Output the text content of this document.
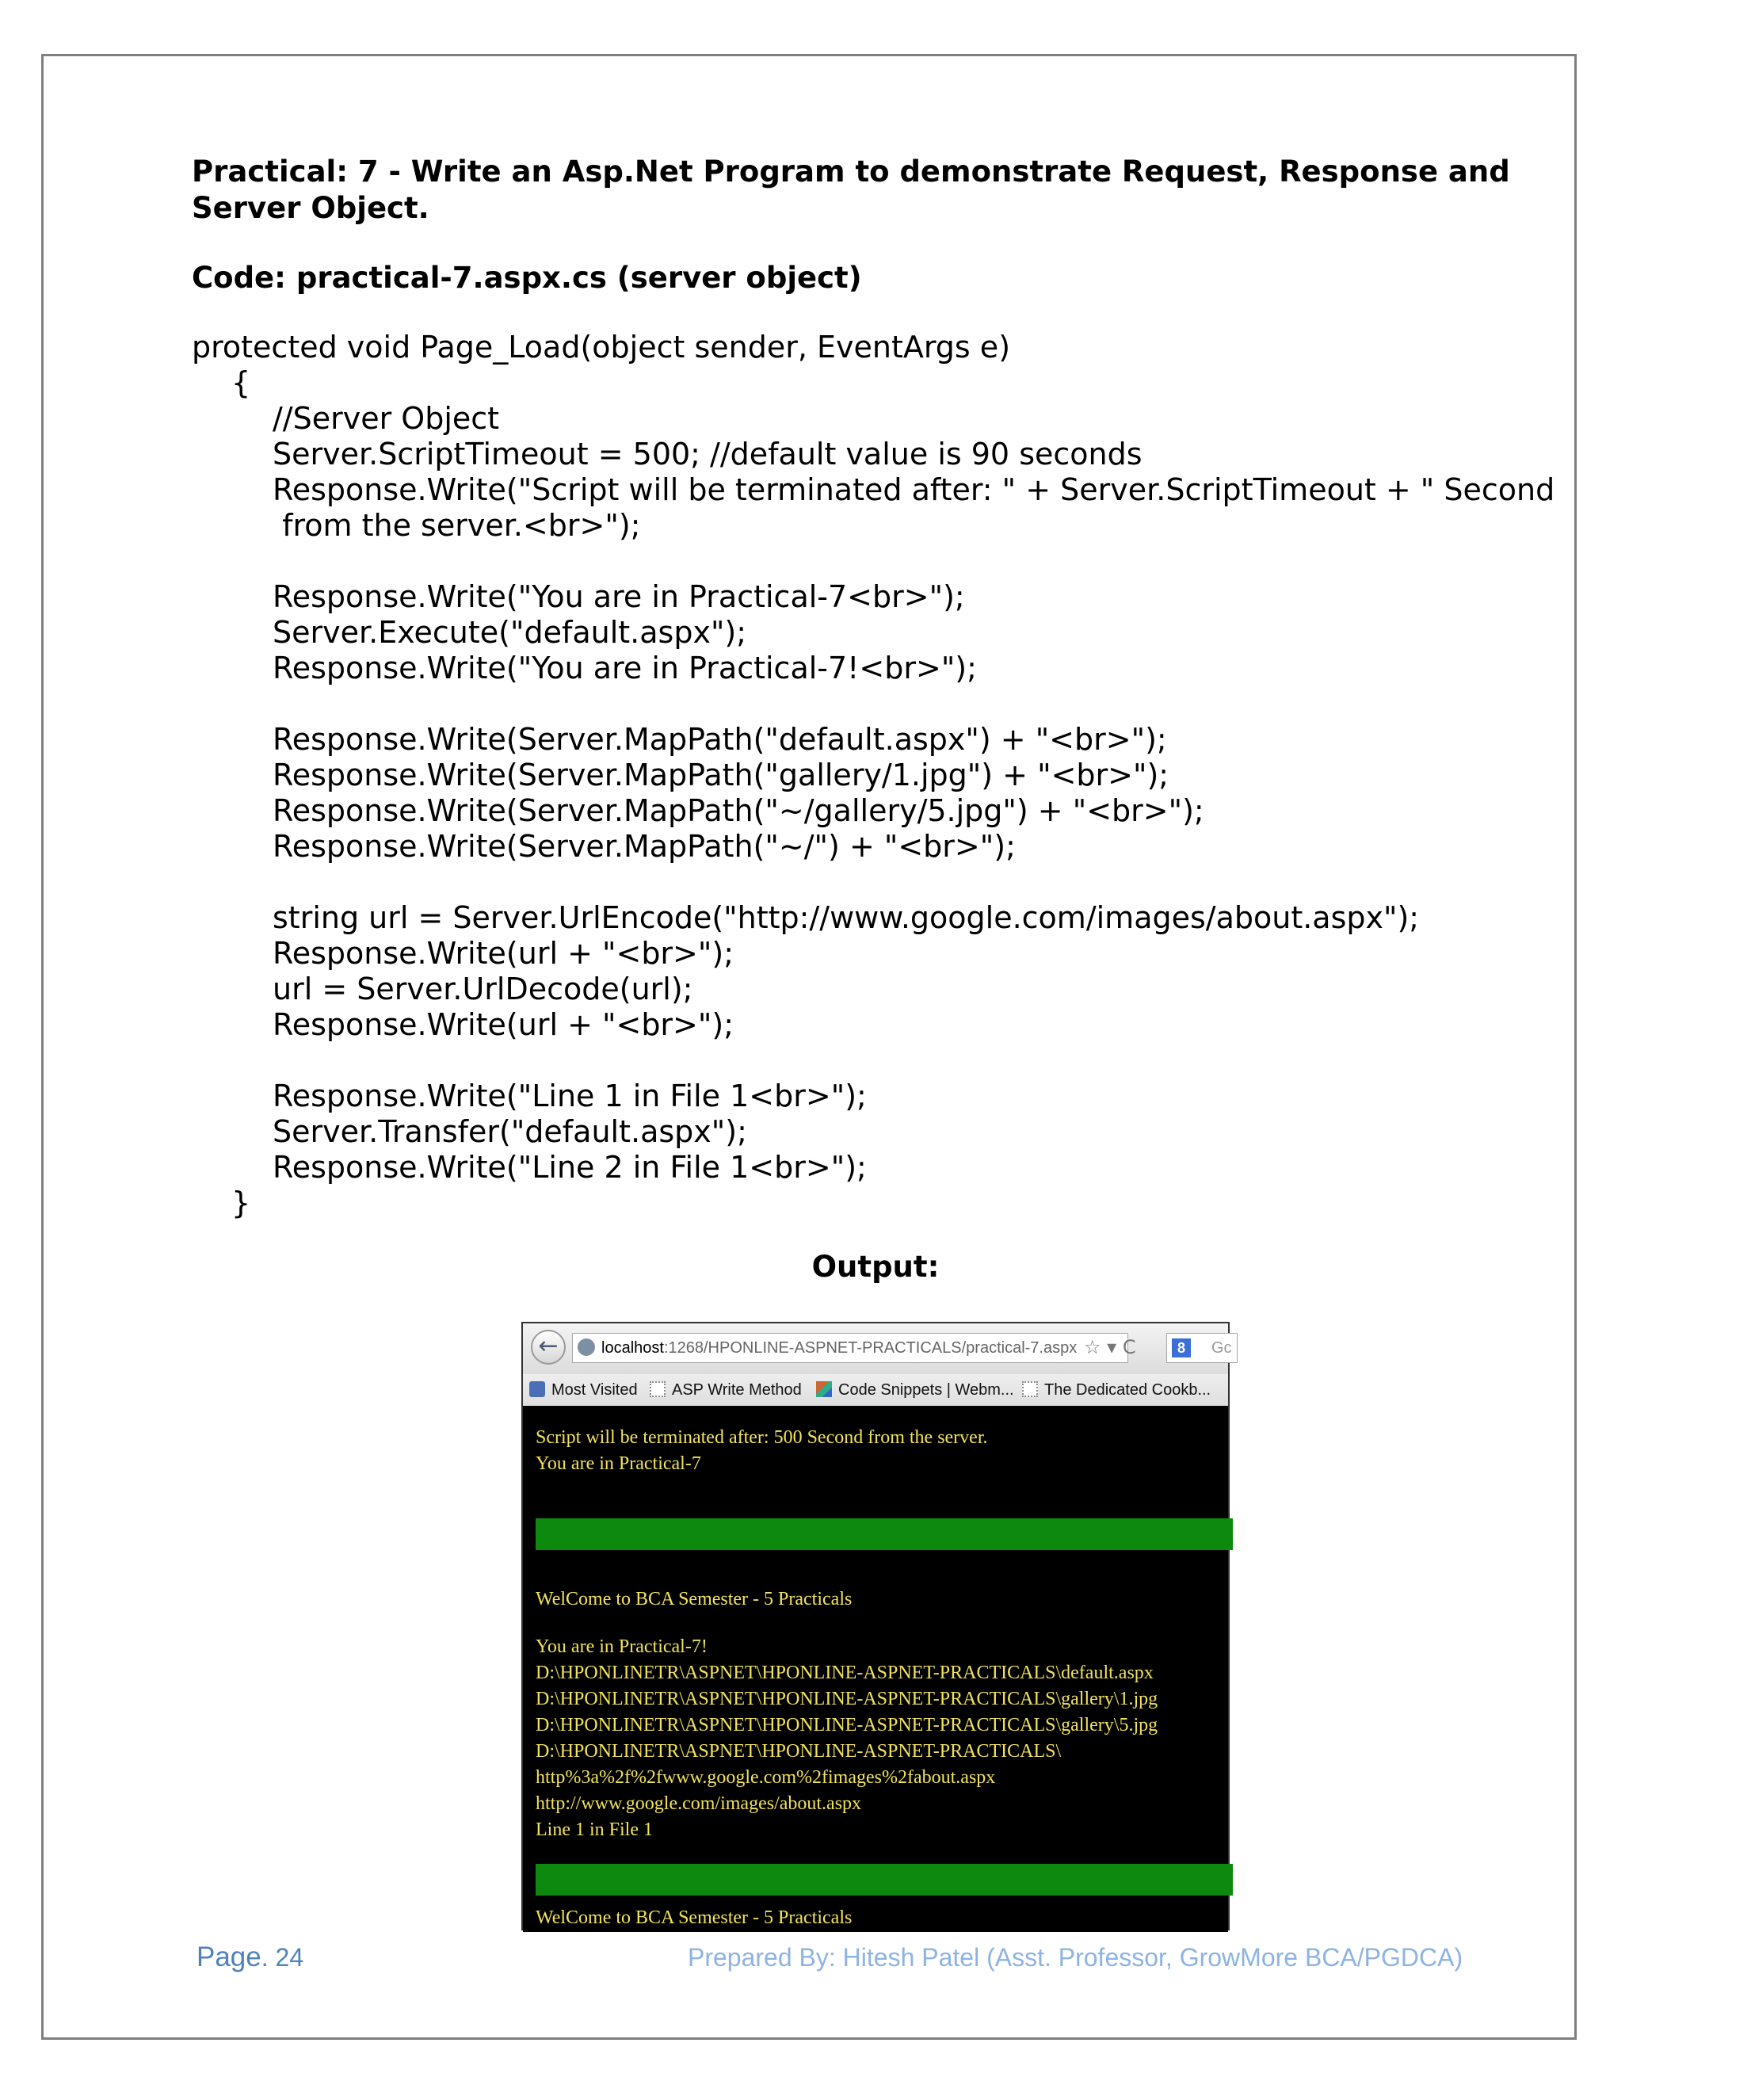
Practical: 7 - Write an Asp.Net Program to demonstrate Request, Response and

Server Object.

Code: practical-7.aspx.cs (server object)

protected void Page_Load(object sender, EventArgs e)

{

//Server Object

Server.ScriptTimeout = 500; //default value is 90 seconds

Response.Write("Script will be terminated after: " + Server.ScriptTimeout + " Second

from the server.<br>");

Response.Write("You are in Practical-7<br>");

Server.Execute("default.aspx");

Response.Write("You are in Practical-7!<br>");

Response.Write(Server.MapPath("default.aspx") + "<br>");

Response.Write(Server.MapPath("gallery/1.jpg") + "<br>");

Response.Write(Server.MapPath("~/gallery/5.jpg") + "<br>");

Response.Write(Server.MapPath("~/") + "<br>");

string url = Server.UrlEncode("http://www.google.com/images/about.aspx");

Response.Write(url + "<br>");

url = Server.UrlDecode(url);

Response.Write(url + "<br>");

Response.Write("Line 1 in File 1<br>");

Server.Transfer("default.aspx");

Response.Write("Line 2 in File 1<br>");

}

Output:

←	localhost:1268/HPONLINE-ASPNET-PRACTICALS/practical-7.aspx ☆ ▾ C	8	Gc
Most Visited	ASP Write Method	Code Snippets | Webm...	The Dedicated Cookb...

Script will be terminated after: 500 Second from the server.

You are in Practical-7

WelCome to BCA Semester - 5 Practicals

You are in Practical-7!

D:\HPONLINETR\ASPNET\HPONLINE-ASPNET-PRACTICALS\default.aspx

D:\HPONLINETR\ASPNET\HPONLINE-ASPNET-PRACTICALS\gallery\1.jpg

D:\HPONLINETR\ASPNET\HPONLINE-ASPNET-PRACTICALS\gallery\5.jpg

D:\HPONLINETR\ASPNET\HPONLINE-ASPNET-PRACTICALS\

http%3a%2f%2fwww.google.com%2fimages%2fabout.aspx

http://www.google.com/images/about.aspx

Line 1 in File 1

WelCome to BCA Semester - 5 Practicals

Page. 24	Prepared By: Hitesh Patel (Asst. Professor, GrowMore BCA/PGDCA)
